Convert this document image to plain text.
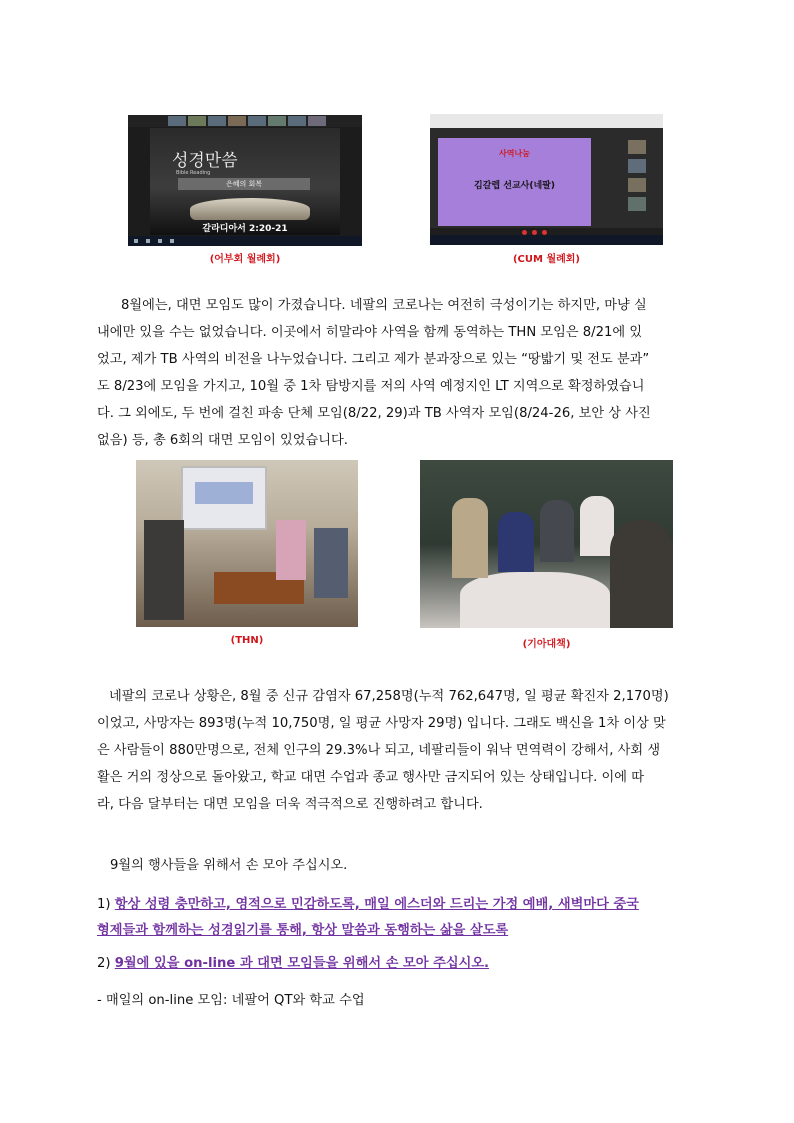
성경만씀
Bible Reading
은혜의 회복
갈라디아서 2:20-21
(어부회 월례회)
사역나눔
김갈렙 선교사(네팔)
(CUM 월례회)

8월에는, 대면 모임도 많이 가졌습니다. 네팔의 코로나는 여전히 극성이기는 하지만, 마냥 실
내에만 있을 수는 없었습니다. 이곳에서 히말라야 사역을 함께 동역하는 THN 모임은 8/21에 있
었고, 제가 TB 사역의 비전을 나누었습니다. 그리고 제가 분과장으로 있는 “땅밟기 및 전도 분과”
도 8/23에 모임을 가지고, 10월 중 1차 탐방지를 저의 사역 예정지인 LT 지역으로 확정하였습니
다. 그 외에도, 두 번에 걸친 파송 단체 모임(8/22, 29)과 TB 사역자 모임(8/24-26, 보안 상 사진
없음) 등, 총 6회의 대면 모임이 있었습니다.

(THN)	(기아대책)

네팔의 코로나 상황은, 8월 중 신규 감염자 67,258명(누적 762,647명, 일 평균 확진자 2,170명)
이었고, 사망자는 893명(누적 10,750명, 일 평균 사망자 29명) 입니다. 그래도 백신을 1차 이상 맞
은 사람들이 880만명으로, 전체 인구의 29.3%나 되고, 네팔리들이 워낙 면역력이 강해서, 사회 생
활은 거의 정상으로 돌아왔고, 학교 대면 수업과 종교 행사만 금지되어 있는 상태입니다. 이에 따
라, 다음 달부터는 대면 모임을 더욱 적극적으로 진행하려고 합니다.

9월의 행사들을 위해서 손 모아 주십시오.
1) 항상 성령 충만하고, 영적으로 민감하도록, 매일 에스더와 드리는 가정 예배, 새벽마다 중국
형제들과 함께하는 성경읽기를 통해, 항상 말씀과 동행하는 삶을 살도록
2) 9월에 있을 on-line 과 대면 모임들을 위해서 손 모아 주십시오.
- 매일의 on-line 모임: 네팔어 QT와 학교 수업
